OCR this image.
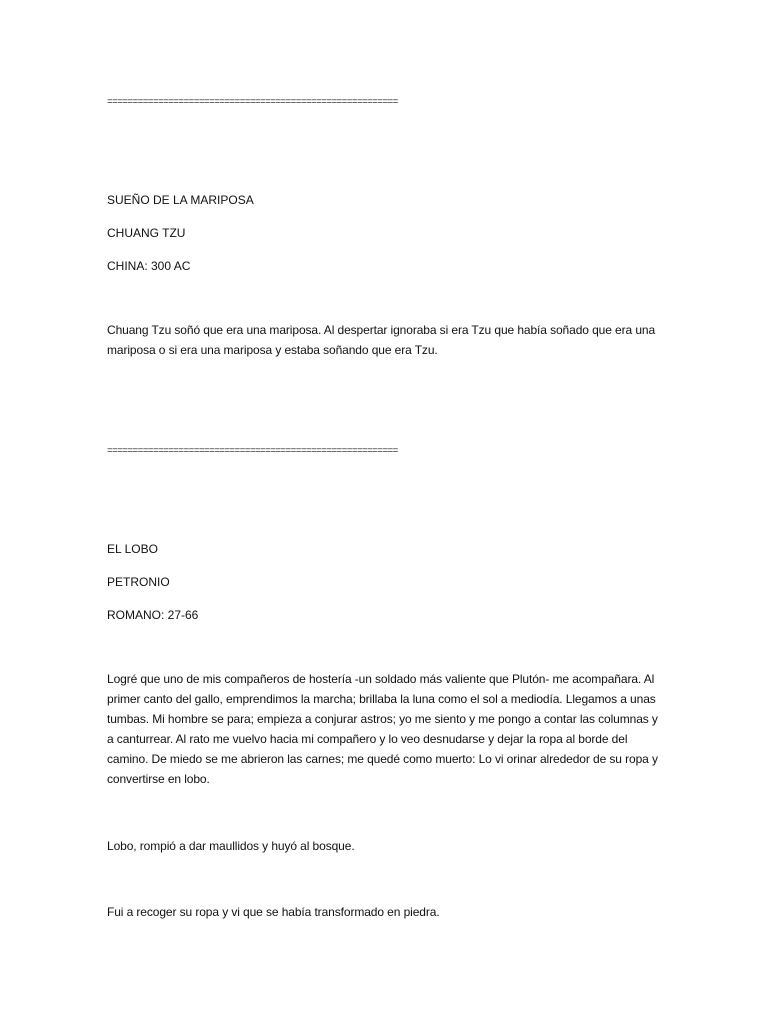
=========================================================
SUEÑO DE LA MARIPOSA
CHUANG TZU
CHINA: 300 AC
Chuang Tzu soñó que era una mariposa. Al despertar ignoraba si era Tzu que había soñado que era una mariposa o si era una mariposa y estaba soñando que era Tzu.
=========================================================
EL LOBO
PETRONIO
ROMANO: 27-66
Logré que uno de mis compañeros de hostería -un soldado más valiente que Plutón- me acompañara. Al primer canto del gallo, emprendimos la marcha; brillaba la luna como el sol a mediodía. Llegamos a unas tumbas. Mi hombre se para; empieza a conjurar astros; yo me siento y me pongo a contar las columnas y a canturrear. Al rato me vuelvo hacia mi compañero y lo veo desnudarse y dejar la ropa al borde del camino. De miedo se me abrieron las carnes; me quedé como muerto: Lo vi orinar alrededor de su ropa y convertirse en lobo.
Lobo, rompió a dar maullidos y huyó al bosque.
Fui a recoger su ropa y vi que se había transformado en piedra.
